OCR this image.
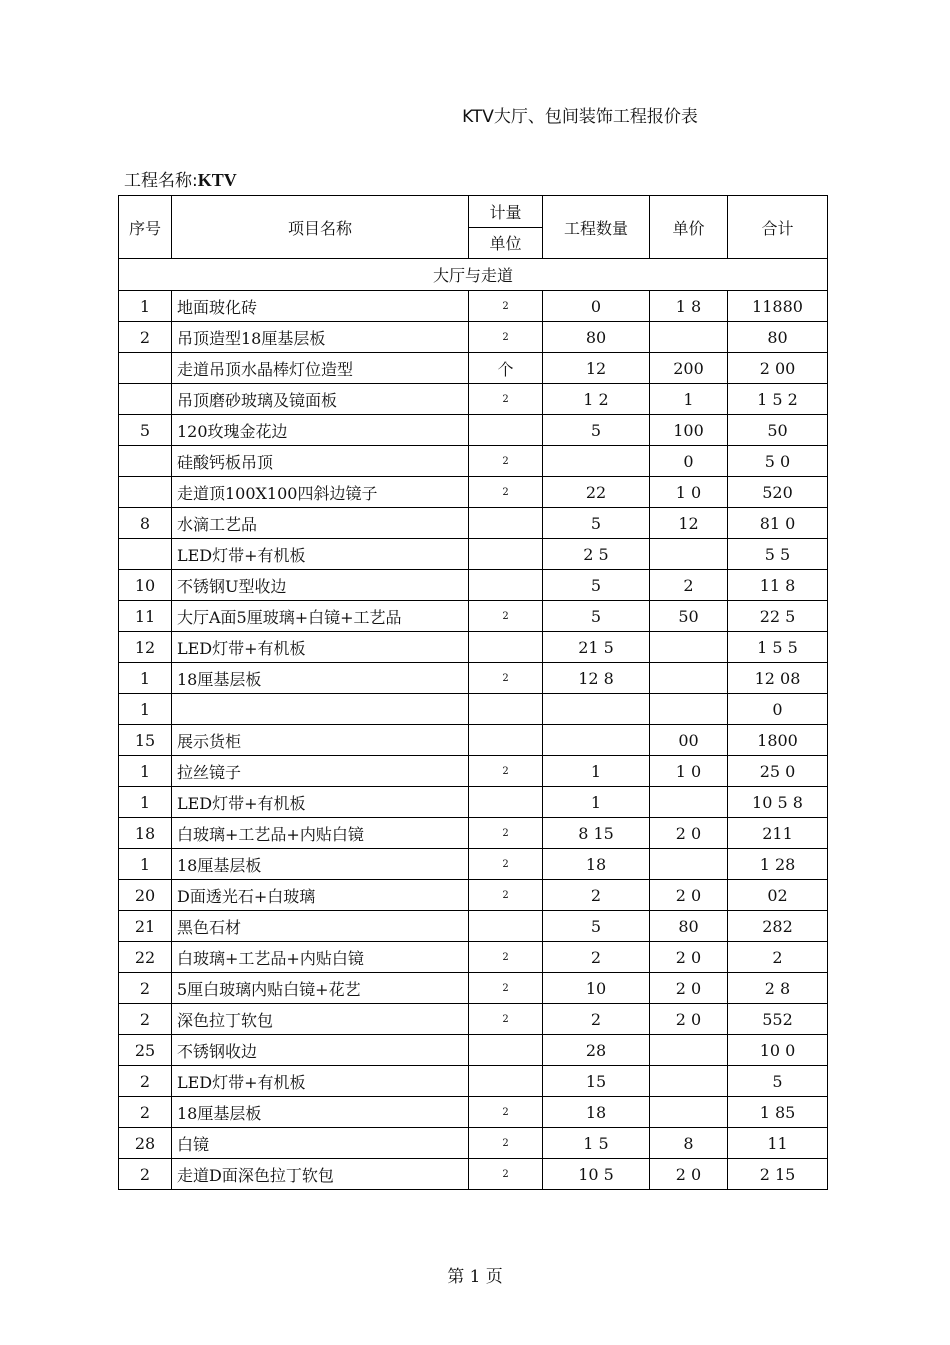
KTV大厅、包间装饰工程报价表
工程名称:KTV
序号	项目名称	计量	工程数量	单价	合计
		单位			
大厅与走道					
1	地面玻化砖	2	0	1 8	11880
2	吊顶造型18厘基层板	2	80		80
	走道吊顶水晶棒灯位造型	个	12	200	2 00
	吊顶磨砂玻璃及镜面板	2	1 2	1	1 5 2
5	120玫瑰金花边		5	100	50
	硅酸钙板吊顶	2		0	5 0
	走道顶100X100四斜边镜子	2	22	1 0	520
8	水滴工艺品		5	12	81 0
	LED灯带+有机板		2 5		5 5
10	不锈钢U型收边		5	2	11 8
11	大厅A面5厘玻璃+白镜+工艺品	2	5	50	22 5
12	LED灯带+有机板		21 5		1 5 5
1	18厘基层板	2	12 8		12 08
1					0
15	展示货柜			00	1800
1	拉丝镜子	2	1	1 0	25 0
1	LED灯带+有机板		1		10 5 8
18	白玻璃+工艺品+内贴白镜	2	8 15	2 0	211
1	18厘基层板	2	18		1 28
20	D面透光石+白玻璃	2	2	2 0	02
21	黑色石材		5	80	282
22	白玻璃+工艺品+内贴白镜	2	2	2 0	2
2	5厘白玻璃内贴白镜+花艺	2	10	2 0	2 8
2	深色拉丁软包	2	2	2 0	552
25	不锈钢收边		28		10 0
2	LED灯带+有机板		15		5
2	18厘基层板	2	18		1 85
28	白镜	2	1 5	8	11
2	走道D面深色拉丁软包	2	10 5	2 0	2 15
第 1 页
